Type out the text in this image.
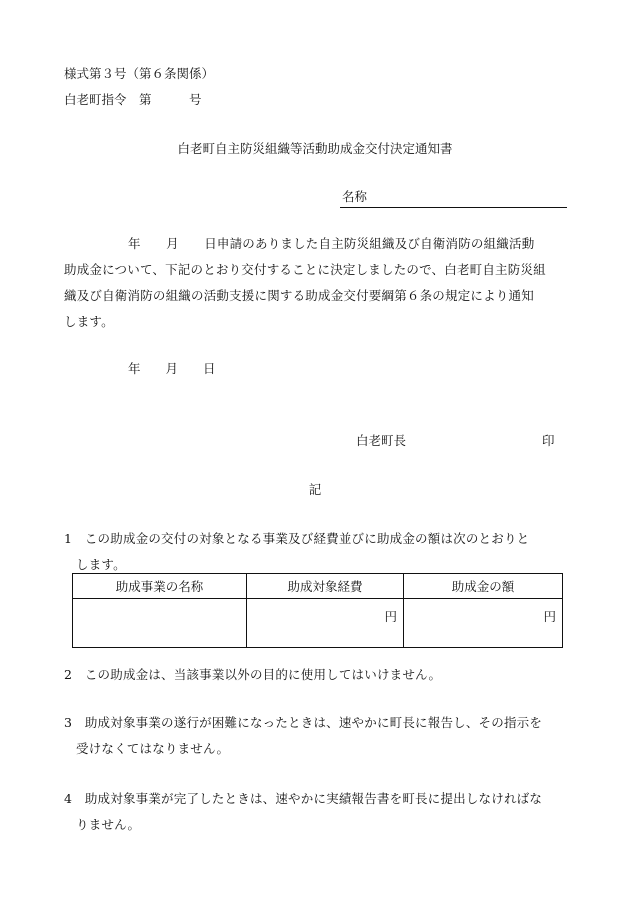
様式第３号（第６条関係）
白老町指令　第　　　号
白老町自主防災組織等活動助成金交付決定通知書
名称
年　　月　　日申請のありました自主防災組織及び自衛消防の組織活動
助成金について、下記のとおり交付することに決定しましたので、白老町自主防災組
織及び自衛消防の組織の活動支援に関する助成金交付要綱第６条の規定により通知
します。
年　　月　　日
白老町長	印
記
1　 この助成金の交付の対象となる事業及び経費並びに助成金の額は次のとおりと
します。
助成事業の名称	助成対象経費	助成金の額
	円	円
2　 この助成金は、当該事業以外の目的に使用してはいけません。
3　 助成対象事業の遂行が困難になったときは、速やかに町長に報告し、その指示を
受けなくてはなりません。
4　 助成対象事業が完了したときは、速やかに実績報告書を町長に提出しなければな
りません。
